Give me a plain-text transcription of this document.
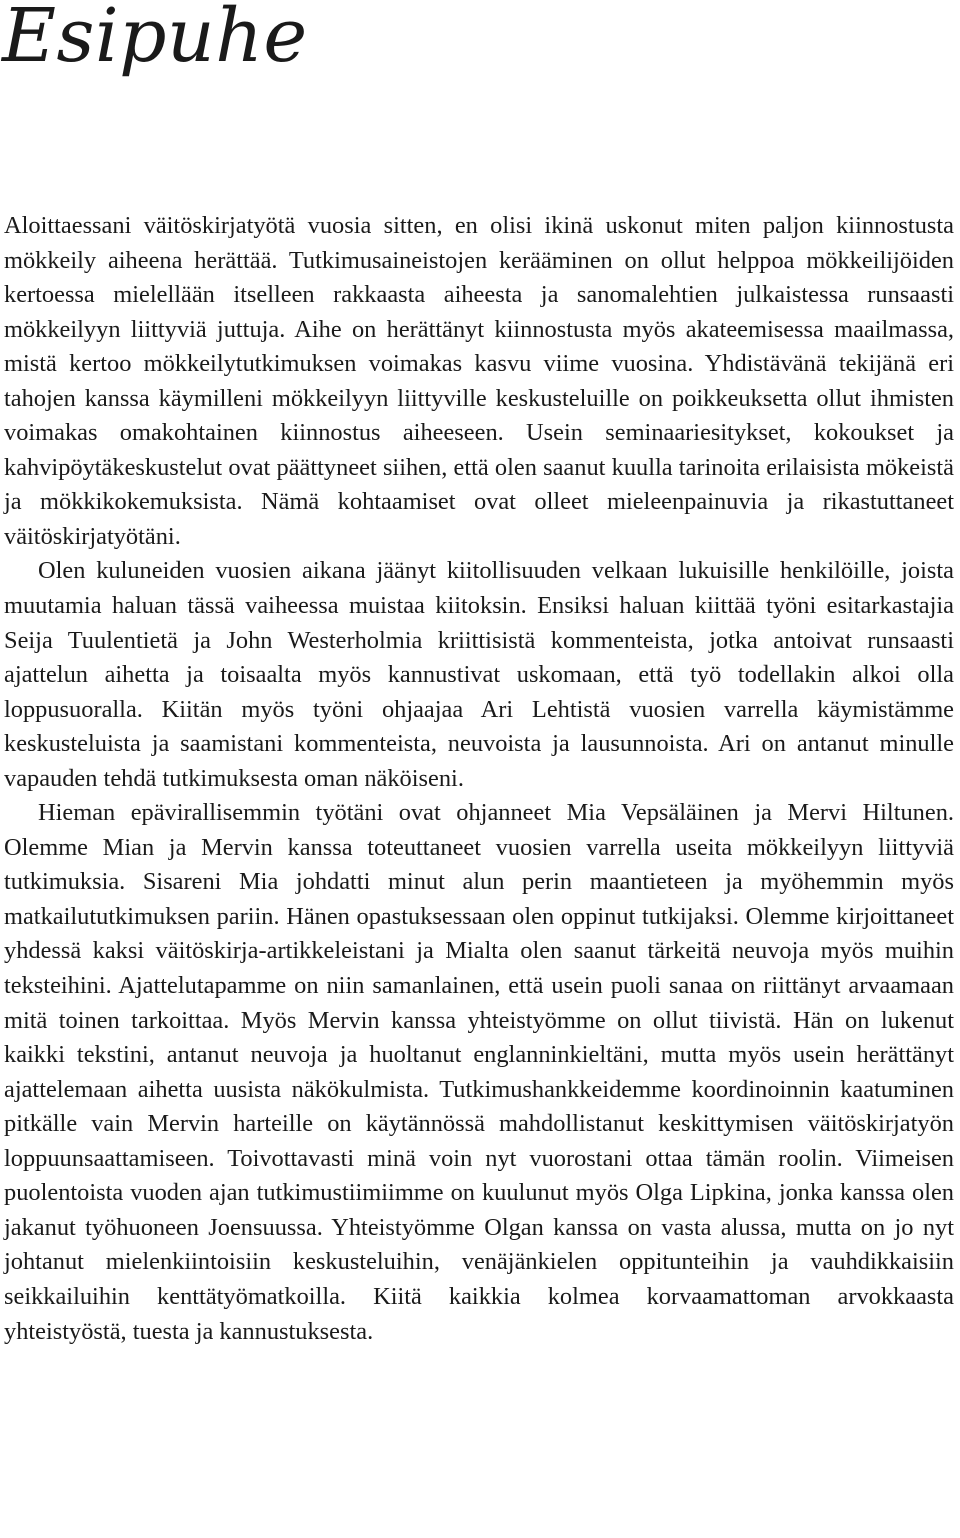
Esipuhe

Aloittaessani väitöskirjatyötä vuosia sitten, en olisi ikinä uskonut miten paljon kiinnostusta mökkeily aiheena herättää. Tutkimusaineistojen kerääminen on ollut helppoa mökkeilijöiden kertoessa mielellään itselleen rakkaasta aiheesta ja sanomalehtien julkaistessa runsaasti mökkeilyyn liittyviä juttuja. Aihe on herättänyt kiinnostusta myös akateemisessa maailmassa, mistä kertoo mökkeilytutkimuksen voimakas kasvu viime vuosina. Yhdistävänä tekijänä eri tahojen kanssa käymilleni mökkeilyyn liittyville keskusteluille on poikkeuksetta ollut ihmisten voimakas omakohtainen kiinnostus aiheeseen. Usein seminaariesitykset, kokoukset ja kahvipöytäkeskustelut ovat päättyneet siihen, että olen saanut kuulla tarinoita erilaisista mökeistä ja mökkikokemuksista. Nämä kohtaamiset ovat olleet mieleenpainuvia ja rikastuttaneet väitöskirjatyötäni.

Olen kuluneiden vuosien aikana jäänyt kiitollisuuden velkaan lukuisille henkilöille, joista muutamia haluan tässä vaiheessa muistaa kiitoksin. Ensiksi haluan kiittää työni esitarkastajia Seija Tuulentietä ja John Westerholmia kriittisistä kommenteista, jotka antoivat runsaasti ajattelun aihetta ja toisaalta myös kannustivat uskomaan, että työ todellakin alkoi olla loppusuoralla. Kiitän myös työni ohjaajaa Ari Lehtistä vuosien varrella käymistämme keskusteluista ja saamistani kommenteista, neuvoista ja lausunnoista. Ari on antanut minulle vapauden tehdä tutkimuksesta oman näköiseni.

Hieman epävirallisemmin työtäni ovat ohjanneet Mia Vepsäläinen ja Mervi Hiltunen. Olemme Mian ja Mervin kanssa toteuttaneet vuosien varrella useita mökkeilyyn liittyviä tutkimuksia. Sisareni Mia johdatti minut alun perin maantieteen ja myöhemmin myös matkailututkimuksen pariin. Hänen opastuksessaan olen oppinut tutkijaksi. Olemme kirjoittaneet yhdessä kaksi väitöskirja-artikkeleistani ja Mialta olen saanut tärkeitä neuvoja myös muihin teksteihini. Ajattelutapamme on niin samanlainen, että usein puoli sanaa on riittänyt arvaamaan mitä toinen tarkoittaa. Myös Mervin kanssa yhteistyömme on ollut tiivistä. Hän on lukenut kaikki tekstini, antanut neuvoja ja huoltanut englanninkieltäni, mutta myös usein herättänyt ajattelemaan aihetta uusista näkökulmista. Tutkimushankkeidemme koordinoinnin kaatuminen pitkälle vain Mervin harteille on käytännössä mahdollistanut keskittymisen väitöskirjatyön loppuunsaattamiseen. Toivottavasti minä voin nyt vuorostani ottaa tämän roolin. Viimeisen puolentoista vuoden ajan tutkimustiimiimme on kuulunut myös Olga Lipkina, jonka kanssa olen jakanut työhuoneen Joensuussa. Yhteistyömme Olgan kanssa on vasta alussa, mutta on jo nyt johtanut mielenkiintoisiin keskusteluihin, venäjänkielen oppitunteihin ja vauhdikkaisiin seikkailuihin kenttätyömatkoilla. Kiitä kaikkia kolmea korvaamattoman arvokkaasta yhteistyöstä, tuesta ja kannustuksesta.
